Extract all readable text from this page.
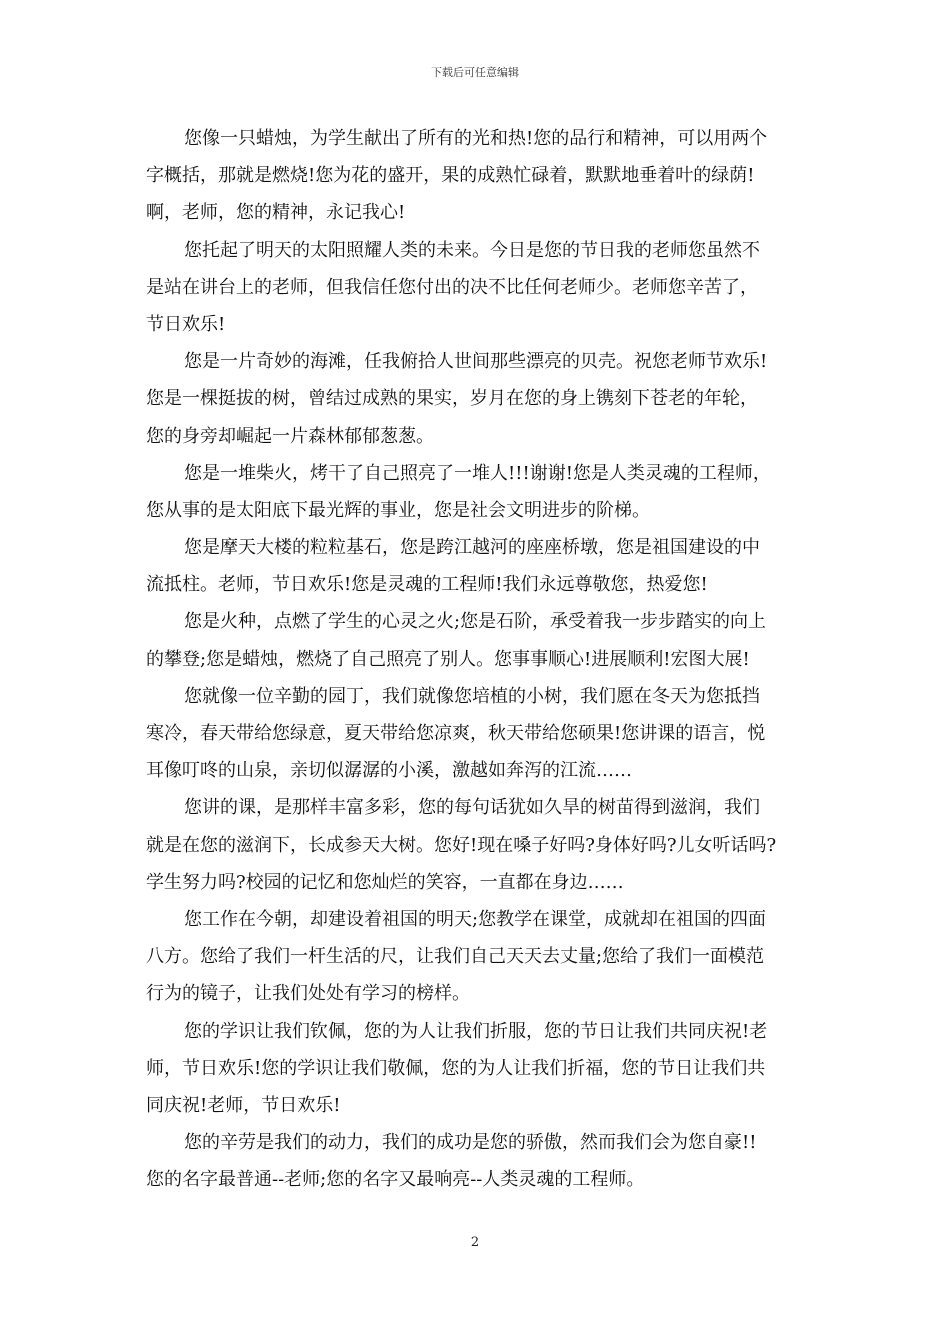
下载后可任意编辑

您像一只蜡烛，为学生献出了所有的光和热!您的品行和精神，可以用两个
字概括，那就是燃烧!您为花的盛开，果的成熟忙碌着，默默地垂着叶的绿荫!
啊，老师，您的精神，永记我心!

您托起了明天的太阳照耀人类的未来。今日是您的节日我的老师您虽然不
是站在讲台上的老师，但我信任您付出的决不比任何老师少。老师您辛苦了，
节日欢乐!

您是一片奇妙的海滩，任我俯拾人世间那些漂亮的贝壳。祝您老师节欢乐!
您是一棵挺拔的树，曾结过成熟的果实，岁月在您的身上镌刻下苍老的年轮，
您的身旁却崛起一片森林郁郁葱葱。

您是一堆柴火，烤干了自己照亮了一堆人!!!谢谢!您是人类灵魂的工程师，
您从事的是太阳底下最光辉的事业，您是社会文明进步的阶梯。

您是摩天大楼的粒粒基石，您是跨江越河的座座桥墩，您是祖国建设的中
流抵柱。老师，节日欢乐!您是灵魂的工程师!我们永远尊敬您，热爱您!

您是火种，点燃了学生的心灵之火;您是石阶，承受着我一步步踏实的向上
的攀登;您是蜡烛，燃烧了自己照亮了别人。您事事顺心!进展顺利!宏图大展!

您就像一位辛勤的园丁，我们就像您培植的小树，我们愿在冬天为您抵挡
寒冷，春天带给您绿意，夏天带给您凉爽，秋天带给您硕果!您讲课的语言，悦
耳像叮咚的山泉，亲切似潺潺的小溪，激越如奔泻的江流……

您讲的课，是那样丰富多彩，您的每句话犹如久旱的树苗得到滋润，我们
就是在您的滋润下，长成参天大树。您好!现在嗓子好吗?身体好吗?儿女听话吗?
学生努力吗?校园的记忆和您灿烂的笑容，一直都在身边……

您工作在今朝，却建设着祖国的明天;您教学在课堂，成就却在祖国的四面
八方。您给了我们一杆生活的尺，让我们自己天天去丈量;您给了我们一面模范
行为的镜子，让我们处处有学习的榜样。

您的学识让我们钦佩，您的为人让我们折服，您的节日让我们共同庆祝!老
师，节日欢乐!您的学识让我们敬佩，您的为人让我们折福，您的节日让我们共
同庆祝!老师，节日欢乐!

您的辛劳是我们的动力，我们的成功是您的骄傲，然而我们会为您自豪!!
您的名字最普通--老师;您的名字又最响亮--人类灵魂的工程师。

2
